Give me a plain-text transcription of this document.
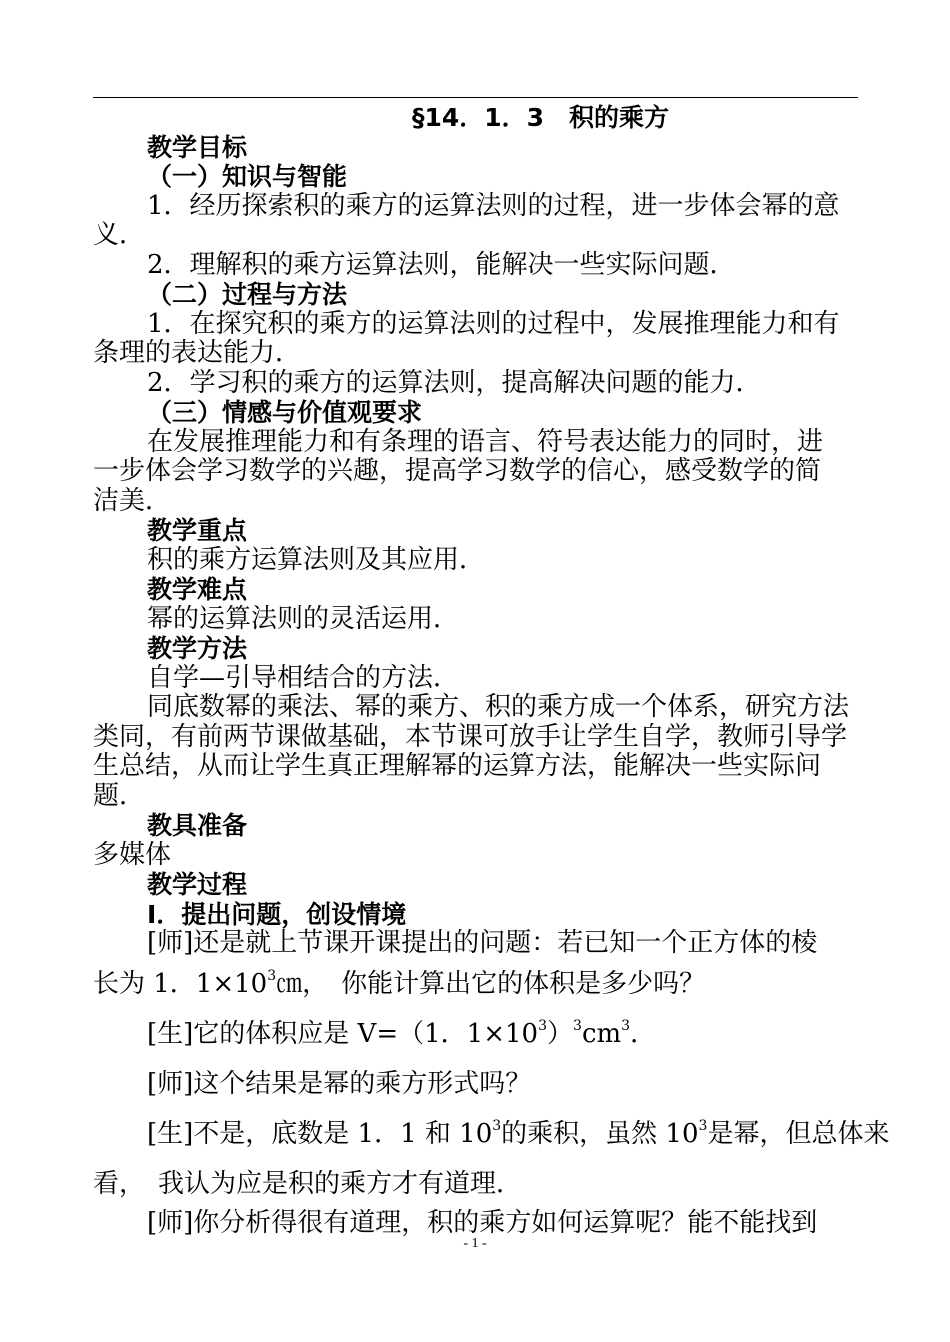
§14．1．3　积的乘方
教学目标
（一）知识与智能
1．经历探索积的乘方的运算法则的过程，进一步体会幂的意
义．
2．理解积的乘方运算法则，能解决一些实际问题．
（二）过程与方法
1．在探究积的乘方的运算法则的过程中，发展推理能力和有
条理的表达能力．
2．学习积的乘方的运算法则，提高解决问题的能力．
（三）情感与价值观要求
在发展推理能力和有条理的语言、符号表达能力的同时，进
一步体会学习数学的兴趣，提高学习数学的信心，感受数学的简
洁美．
教学重点
积的乘方运算法则及其应用．
教学难点
幂的运算法则的灵活运用．
教学方法
自学—引导相结合的方法．
同底数幂的乘法、幂的乘方、积的乘方成一个体系，研究方法
类同，有前两节课做基础，本节课可放手让学生自学，教师引导学
生总结，从而让学生真正理解幂的运算方法，能解决一些实际问
题．
教具准备
多媒体
教学过程
Ⅰ．提出问题，创设情境
[师]还是就上节课开课提出的问题：若已知一个正方体的棱
长为 1．$1\times 10^3㎝$，　你能计算出它的体积是多少吗？
[生]它的体积应是 V=（1．$1\times 10^3)^3cm^3$．
[师]这个结果是幂的乘方形式吗？
[生]不是，底数是 1．1 和 $10^3$的乘积，虽然 $10^3$是幂，但总体来
看，　我认为应是积的乘方才有道理．
[师]你分析得很有道理，积的乘方如何运算呢？能不能找到
- 1 -
